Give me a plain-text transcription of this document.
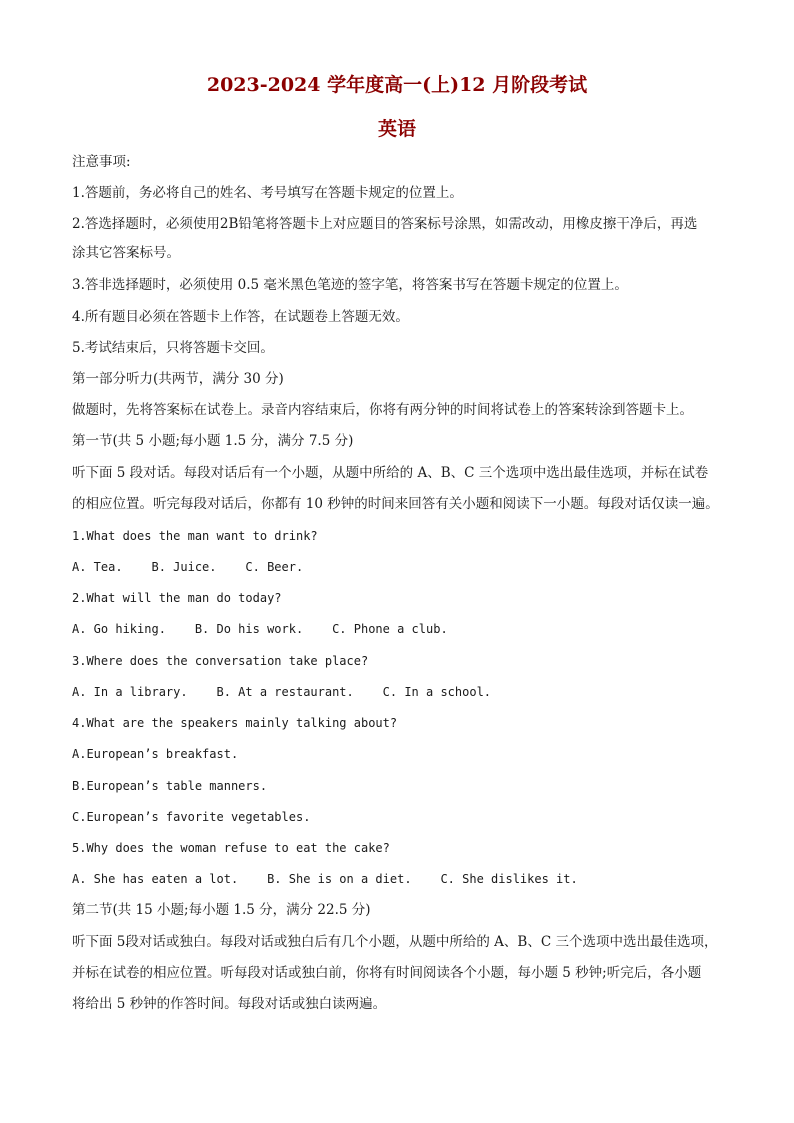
2023-2024 学年度高一(上)12 月阶段考试
英语
注意事项:
1.答题前，务必将自己的姓名、考号填写在答题卡规定的位置上。
2.答选择题时，必须使用2B铅笔将答题卡上对应题目的答案标号涂黑，如需改动，用橡皮擦干净后，再选
涂其它答案标号。
3.答非选择题时，必须使用 0.5 毫米黑色笔迹的签字笔，将答案书写在答题卡规定的位置上。
4.所有题目必须在答题卡上作答，在试题卷上答题无效。
5.考试结束后，只将答题卡交回。
第一部分听力(共两节，满分 30 分)
做题时，先将答案标在试卷上。录音内容结束后，你将有两分钟的时间将试卷上的答案转涂到答题卡上。
第一节(共 5 小题;每小题 1.5 分，满分 7.5 分)
听下面 5 段对话。每段对话后有一个小题，从题中所给的 A、B、C 三个选项中选出最佳选项，并标在试卷
的相应位置。听完每段对话后，你都有 10 秒钟的时间来回答有关小题和阅读下一小题。每段对话仅读一遍。
1.What does the man want to drink?
A. Tea.    B. Juice.    C. Beer.
2.What will the man do today?
A. Go hiking.    B. Do his work.    C. Phone a club.
3.Where does the conversation take place?
A. In a library.    B. At a restaurant.    C. In a school.
4.What are the speakers mainly talking about?
A.European’s breakfast.
B.European’s table manners.
C.European’s favorite vegetables.
5.Why does the woman refuse to eat the cake?
A. She has eaten a lot.    B. She is on a diet.    C. She dislikes it.
第二节(共 15 小题;每小题 1.5 分，满分 22.5 分)
听下面 5段对话或独白。每段对话或独白后有几个小题，从题中所给的 A、B、C 三个选项中选出最佳选项，
并标在试卷的相应位置。听每段对话或独白前，你将有时间阅读各个小题，每小题 5 秒钟;听完后，各小题
将给出 5 秒钟的作答时间。每段对话或独白读两遍。
